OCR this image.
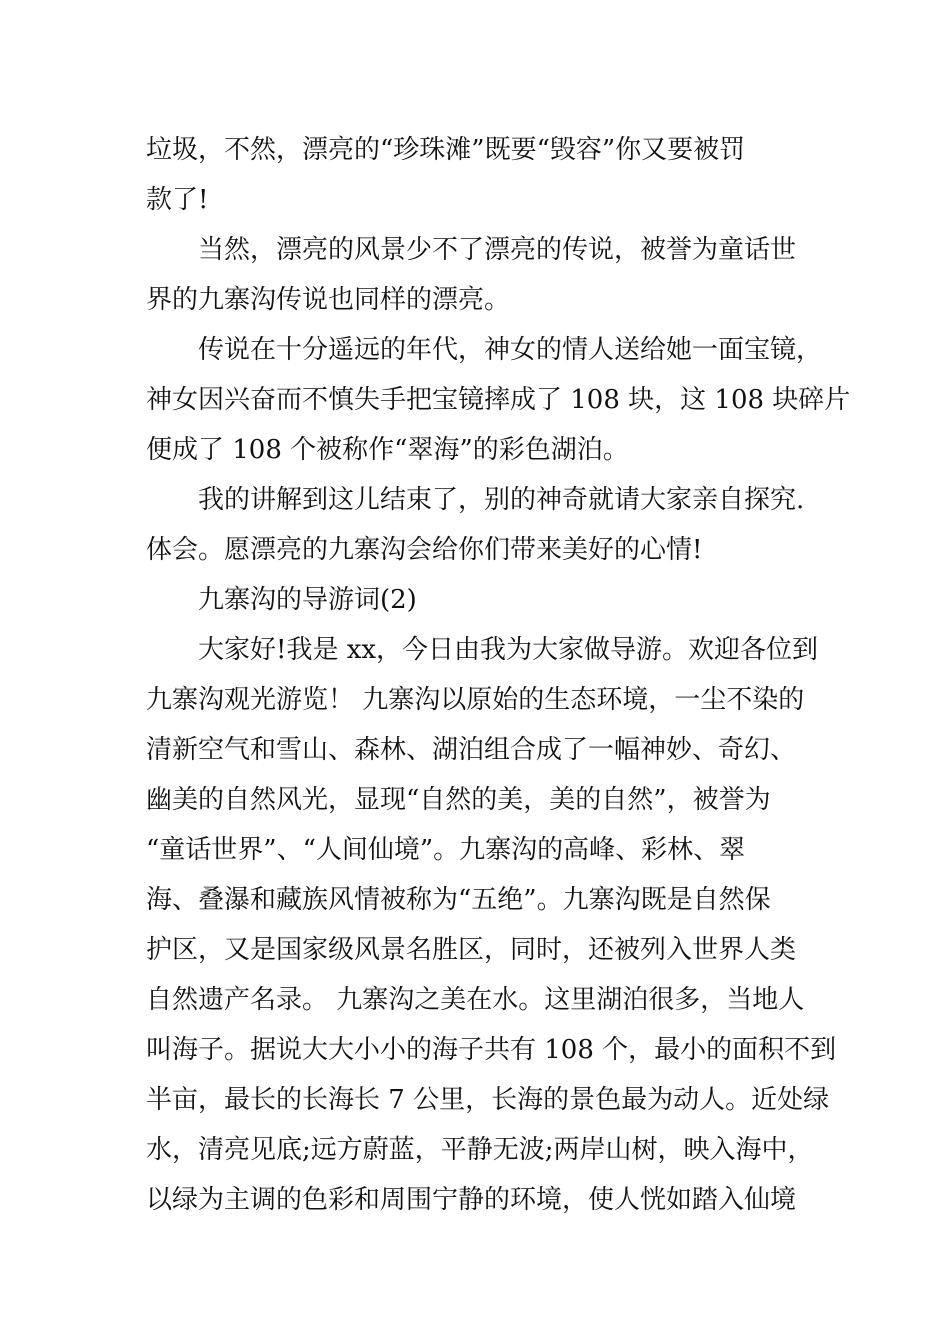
垃圾，不然，漂亮的“珍珠滩”既要“毁容”你又要被罚
款了!
当然，漂亮的风景少不了漂亮的传说，被誉为童话世
界的九寨沟传说也同样的漂亮。
传说在十分遥远的年代，神女的情人送给她一面宝镜，
神女因兴奋而不慎失手把宝镜摔成了 108 块，这 108 块碎片
便成了 108 个被称作“翠海”的彩色湖泊。
我的讲解到这儿结束了，别的神奇就请大家亲自探究.
体会。愿漂亮的九寨沟会给你们带来美好的心情!
九寨沟的导游词(2)
大家好!我是 xx，今日由我为大家做导游。欢迎各位到
九寨沟观光游览！ 九寨沟以原始的生态环境，一尘不染的
清新空气和雪山、森林、湖泊组合成了一幅神妙、奇幻、
幽美的自然风光，显现“自然的美，美的自然”，被誉为
“童话世界”、“人间仙境”。九寨沟的高峰、彩林、翠
海、叠瀑和藏族风情被称为“五绝”。九寨沟既是自然保
护区，又是国家级风景名胜区，同时，还被列入世界人类
自然遗产名录。 九寨沟之美在水。这里湖泊很多，当地人
叫海子。据说大大小小的海子共有 108 个，最小的面积不到
半亩，最长的长海长 7 公里，长海的景色最为动人。近处绿
水，清亮见底;远方蔚蓝，平静无波;两岸山树，映入海中，
以绿为主调的色彩和周围宁静的环境，使人恍如踏入仙境
